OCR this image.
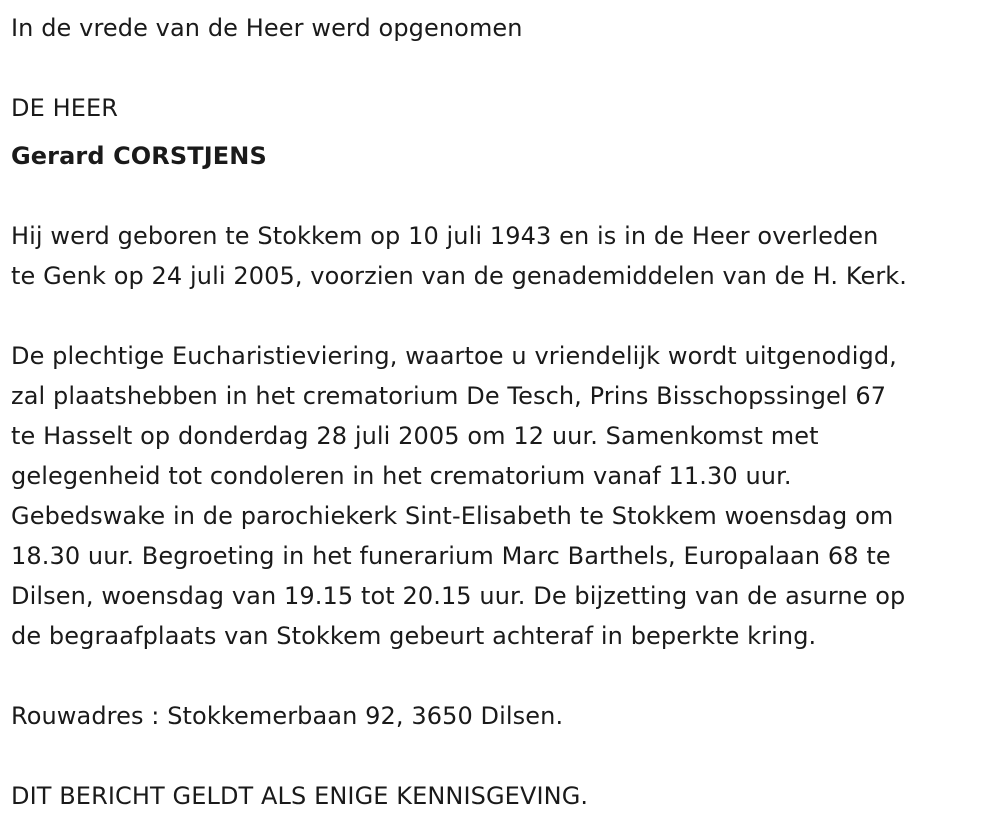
In de vrede van de Heer werd opgenomen
DE HEER
Gerard CORSTJENS
Hij werd geboren te Stokkem op 10 juli 1943 en is in de Heer overleden
te Genk op 24 juli 2005, voorzien van de genademiddelen van de H. Kerk.
De plechtige Eucharistieviering, waartoe u vriendelijk wordt uitgenodigd,
zal plaatshebben in het crematorium De Tesch, Prins Bisschopssingel 67
te Hasselt op donderdag 28 juli 2005 om 12 uur. Samenkomst met
gelegenheid tot condoleren in het crematorium vanaf 11.30 uur.
Gebedswake in de parochiekerk Sint-Elisabeth te Stokkem woensdag om
18.30 uur. Begroeting in het funerarium Marc Barthels, Europalaan 68 te
Dilsen, woensdag van 19.15 tot 20.15 uur. De bijzetting van de asurne op
de begraafplaats van Stokkem gebeurt achteraf in beperkte kring.
Rouwadres : Stokkemerbaan 92, 3650 Dilsen.
DIT BERICHT GELDT ALS ENIGE KENNISGEVING.
